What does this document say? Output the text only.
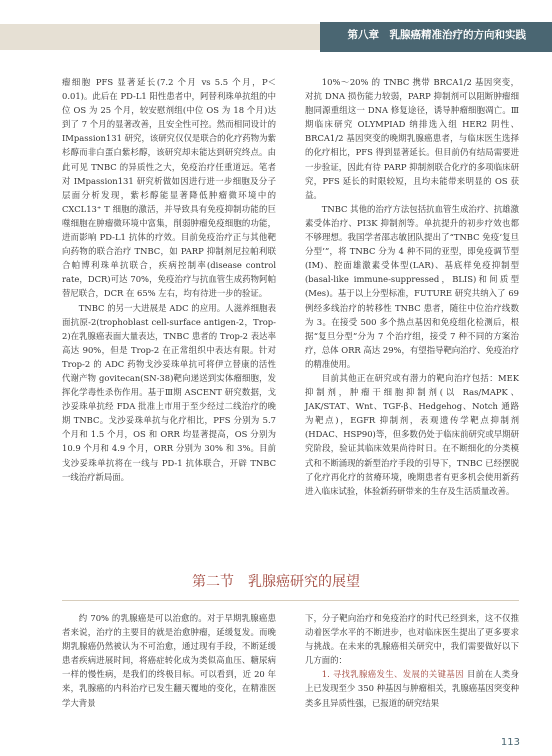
第八章　乳腺癌精准治疗的方向和实践

瘤细胞 PFS 显著延长(7.2 个月 vs 5.5 个月，P＜0.01)。此后在 PD-L1 阳性患者中，阿替利珠单抗组的中位 OS 为 25 个月，较安慰剂组(中位 OS 为 18 个月)达到了 7 个月的显著改善，且安全性可控。然而相同设计的 IMpassion131 研究，该研究仅仅是联合的化疗药物为紫杉醇而非白蛋白紫杉醇，该研究却未能达到研究终点。由此可见 TNBC 的异质性之大，免疫治疗任重道远。笔者对 IMpassion131 研究析做如因进行进一步细胞及分子层面分析发现，紫杉醇能显著降低肿瘤微环境中的 CXCL13⁺ T 细胞的激活，并导致具有免疫抑制功能的巨噬细胞在肿瘤微环境中富集，削弱肿瘤免疫细胞的功能，进而影响 PD-L1 抗体的疗效。目前免疫治疗正与其他靶向药物的联合治疗 TNBC，如 PARP 抑制剂尼拉帕利联合帕博利珠单抗联合，疾病控制率(disease control rate，DCR)可达 70%，免疫治疗与抗血管生成药物阿帕替尼联合，DCR 在 65% 左右，均有待进一步的验证。

TNBC 的另一大进展是 ADC 的应用。人滋养细胞表面抗原-2(trophoblast cell-surface antigen-2，Trop-2)在乳腺癌表面大量表达，TNBC 患者的 Trop-2 表达率高达 90%，但是 Trop-2 在正常组织中表达有限。针对 Trop-2 的 ADC 药物戈沙妥珠单抗可将伊立替康的活性代谢产物 govitecan(SN-38)靶向递送到实体瘤细胞，发挥化学毒性杀伤作用。基于Ⅲ期 ASCENT 研究数据，戈沙妥珠单抗经 FDA 批准上市用于至少经过二线治疗的晚期 TNBC。戈沙妥珠单抗与化疗相比，PFS 分别为 5.7 个月和 1.5 个月，OS 和 ORR 均显著提高，OS 分别为 10.9 个月和 4.9 个月，ORR 分别为 30% 和 3%。目前戈沙妥珠单抗将在一线与 PD-1 抗体联合，开辟 TNBC 一线治疗新局面。

10%～20% 的 TNBC 携带 BRCA1/2 基因突变，对抗 DNA 损伤能力较弱，PARP 抑制剂可以阻断肿瘤细胞同源重组这一 DNA 修复途径，诱导肿瘤细胞凋亡。Ⅲ期临床研究 OLYMPIAD 纳排选入组 HER2 阴性、BRCA1/2 基因突变的晚期乳腺癌患者，与临床医生选择的化疗相比，PFS 得到显著延长。但目前仍有结局需要进一步验证，因此有待 PARP 抑制剂联合化疗的多项临床研究，PFS 延长的时限较短，且均未能带来明显的 OS 获益。

TNBC 其他的治疗方法包括抗血管生成治疗、抗雄激素受体治疗、PI3K 抑制剂等。单抗提升的初步疗效也都不够理想。我国学者邵志敏团队提出了“TNBC 免疫‘复旦分型’”，将 TNBC 分为 4 种不同的亚型，即免疫调节型(IM)、腔面雄激素受体型(LAR)、基底样免疫抑制型(basal-like immune-suppressed，BLIS)和间质型(Mes)。基于以上分型标准，FUTURE 研究共纳入了 69 例经多线治疗的转移性 TNBC 患者，随往中位治疗线数为 3。在接受 500 多个热点基因和免疫组化检测后，根据“复旦分型”分为 7 个治疗组，接受 7 种不同的方案治疗，总体 ORR 高达 29%，有望指导靶向治疗、免疫治疗的精准使用。

目前其他正在研究或有潜力的靶向治疗包括：MEK 抑制剂，肿瘤干细胞抑制剂(以 Ras/MAPK、JAK/STAT、Wnt、TGF-β、Hedgehog、Notch 通路为靶点)，EGFR 抑制剂，表观遗传学靶点抑制剂(HDAC、HSP90)等，但多数仍处于临床前研究或早期研究阶段，验证其临床效果尚待时日。在不断细化的分类模式和不断涌现的新型治疗手段的引导下，TNBC 已经摆脱了化疗再化疗的贫瘠环境，晚期患者有更多机会使用新药进入临床试验，体验新药研带来的生存及生活质量改善。

第二节　乳腺癌研究的展望

约 70% 的乳腺癌是可以治愈的。对于早期乳腺癌患者来说，治疗的主要目的就是治愈肿瘤，延缓复发。而晚期乳腺癌仍然被认为不可治愈，通过现有手段，不断延缓患者疾病进展时间，将癌症转化成为类似高血压、糖尿病一样的慢性病，是我们的终极目标。可以看到，近 20 年来，乳腺癌的内科治疗已发生翻天覆地的变化，在精准医学大背景

下，分子靶向治疗和免疫治疗的时代已经到来，这不仅推动着医学水平的不断进步，也对临床医生提出了更多要求与挑战。在未来的乳腺癌相关研究中，我们需要做好以下几方面的：

1. 寻找乳腺癌发生、发展的关键基因 目前在人类身上已发现至少 350 种基因与肿瘤相关，乳腺癌基因突变种类多且异质性强，已报道的研究结果

113
